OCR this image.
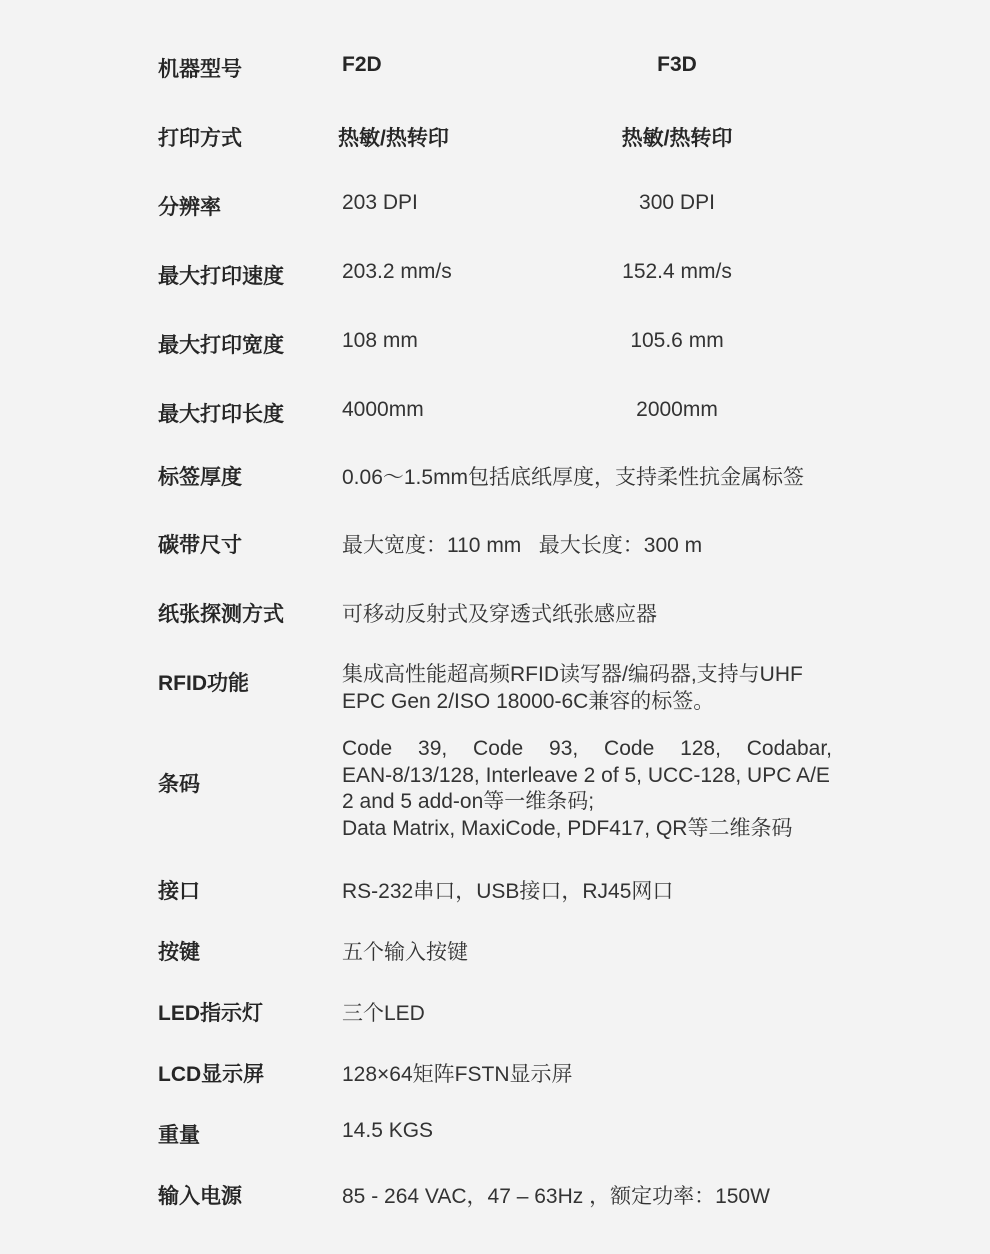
机器型号	F2D	F3D
打印方式	热敏/热转印	热敏/热转印
分辨率	203 DPI	300 DPI
最大打印速度	203.2 mm/s	152.4 mm/s
最大打印宽度	108 mm	105.6 mm
最大打印长度	4000mm	2000mm
标签厚度	0.06～1.5mm包括底纸厚度，支持柔性抗金属标签
碳带尺寸	最大宽度：110 mm   最大长度：300 m
纸张探测方式	可移动反射式及穿透式纸张感应器
RFID功能	集成高性能超高频RFID读写器/编码器,支持与UHF
EPC Gen 2/ISO 18000-6C兼容的标签。
条码
Code 39, Code 93, Code 128, Codabar,
EAN-8/13/128, Interleave 2 of 5, UCC-128, UPC A/E
2 and 5 add-on等一维条码;
Data Matrix, MaxiCode, PDF417, QR等二维条码
接口	RS-232串口，USB接口，RJ45网口
按键	五个输入按键
LED指示灯	三个LED
LCD显示屏	128×64矩阵FSTN显示屏
重量	14.5 KGS
输入电源	85 - 264 VAC，47 – 63Hz ，额定功率：150W
